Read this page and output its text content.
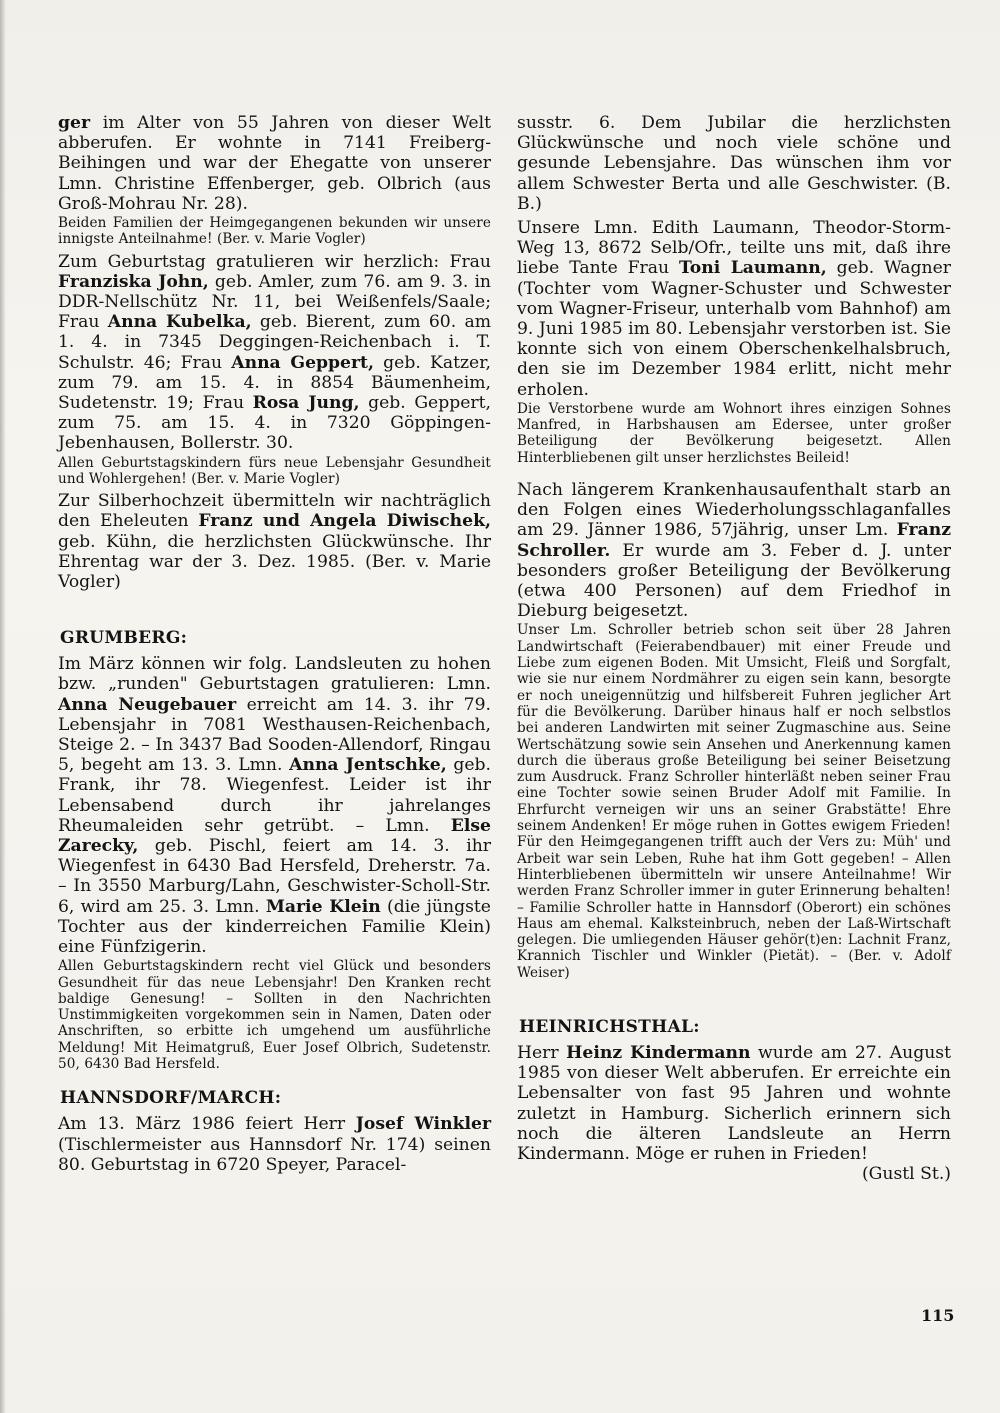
ger im Alter von 55 Jahren von dieser Welt abberufen. Er wohnte in 7141 Freiberg-Beihingen und war der Ehegatte von unserer Lmn. Christine Effenberger, geb. Olbrich (aus Groß-Mohrau Nr. 28).

Beiden Familien der Heimgegangenen bekunden wir unsere innigste Anteilnahme! (Ber. v. Marie Vogler)

Zum Geburtstag gratulieren wir herzlich: Frau Franziska John, geb. Amler, zum 76. am 9. 3. in DDR-Nellschütz Nr. 11, bei Weißenfels/Saale; Frau Anna Kubelka, geb. Bierent, zum 60. am 1. 4. in 7345 Deggingen-Reichenbach i. T. Schulstr. 46; Frau Anna Geppert, geb. Katzer, zum 79. am 15. 4. in 8854 Bäumenheim, Sudetenstr. 19; Frau Rosa Jung, geb. Geppert, zum 75. am 15. 4. in 7320 Göppingen-Jebenhausen, Bollerstr. 30.

Allen Geburtstagskindern fürs neue Lebensjahr Gesundheit und Wohlergehen! (Ber. v. Marie Vogler)

Zur Silberhochzeit übermitteln wir nachträglich den Eheleuten Franz und Angela Diwischek, geb. Kühn, die herzlichsten Glückwünsche. Ihr Ehrentag war der 3. Dez. 1985. (Ber. v. Marie Vogler)

GRUMBERG:

Im März können wir folg. Landsleuten zu hohen bzw. „runden" Geburtstagen gratulieren: Lmn. Anna Neugebauer erreicht am 14. 3. ihr 79. Lebensjahr in 7081 Westhausen-Reichenbach, Steige 2. – In 3437 Bad Sooden-Allendorf, Ringau 5, begeht am 13. 3. Lmn. Anna Jentschke, geb. Frank, ihr 78. Wiegenfest. Leider ist ihr Lebensabend durch ihr jahrelanges Rheumaleiden sehr getrübt. – Lmn. Else Zarecky, geb. Pischl, feiert am 14. 3. ihr Wiegenfest in 6430 Bad Hersfeld, Dreherstr. 7a. – In 3550 Marburg/Lahn, Geschwister-Scholl-Str. 6, wird am 25. 3. Lmn. Marie Klein (die jüngste Tochter aus der kinderreichen Familie Klein) eine Fünfzigerin.

Allen Geburtstagskindern recht viel Glück und besonders Gesundheit für das neue Lebensjahr! Den Kranken recht baldige Genesung! – Sollten in den Nachrichten Unstimmigkeiten vorgekommen sein in Namen, Daten oder Anschriften, so erbitte ich umgehend um ausführliche Meldung! Mit Heimatgruß, Euer Josef Olbrich, Sudetenstr. 50, 6430 Bad Hersfeld.

HANNSDORF/MARCH:

Am 13. März 1986 feiert Herr Josef Winkler (Tischlermeister aus Hannsdorf Nr. 174) seinen 80. Geburtstag in 6720 Speyer, Paracel-

susstr. 6. Dem Jubilar die herzlichsten Glückwünsche und noch viele schöne und gesunde Lebensjahre. Das wünschen ihm vor allem Schwester Berta und alle Geschwister. (B. B.)

Unsere Lmn. Edith Laumann, Theodor-Storm-Weg 13, 8672 Selb/Ofr., teilte uns mit, daß ihre liebe Tante Frau Toni Laumann, geb. Wagner (Tochter vom Wagner-Schuster und Schwester vom Wagner-Friseur, unterhalb vom Bahnhof) am 9. Juni 1985 im 80. Lebensjahr verstorben ist. Sie konnte sich von einem Oberschenkelhalsbruch, den sie im Dezember 1984 erlitt, nicht mehr erholen.

Die Verstorbene wurde am Wohnort ihres einzigen Sohnes Manfred, in Harbshausen am Edersee, unter großer Beteiligung der Bevölkerung beigesetzt. Allen Hinterbliebenen gilt unser herzlichstes Beileid!

Nach längerem Krankenhausaufenthalt starb an den Folgen eines Wiederholungsschlaganfalles am 29. Jänner 1986, 57jährig, unser Lm. Franz Schroller. Er wurde am 3. Feber d. J. unter besonders großer Beteiligung der Bevölkerung (etwa 400 Personen) auf dem Friedhof in Dieburg beigesetzt.

Unser Lm. Schroller betrieb schon seit über 28 Jahren Landwirtschaft (Feierabendbauer) mit einer Freude und Liebe zum eigenen Boden. Mit Umsicht, Fleiß und Sorgfalt, wie sie nur einem Nordmährer zu eigen sein kann, besorgte er noch uneigennützig und hilfsbereit Fuhren jeglicher Art für die Bevölkerung. Darüber hinaus half er noch selbstlos bei anderen Landwirten mit seiner Zugmaschine aus. Seine Wertschätzung sowie sein Ansehen und Anerkennung kamen durch die überaus große Beteiligung bei seiner Beisetzung zum Ausdruck. Franz Schroller hinterläßt neben seiner Frau eine Tochter sowie seinen Bruder Adolf mit Familie. In Ehrfurcht verneigen wir uns an seiner Grabstätte! Ehre seinem Andenken! Er möge ruhen in Gottes ewigem Frieden! Für den Heimgegangenen trifft auch der Vers zu: Müh' und Arbeit war sein Leben, Ruhe hat ihm Gott gegeben! – Allen Hinterbliebenen übermitteln wir unsere Anteilnahme! Wir werden Franz Schroller immer in guter Erinnerung behalten! – Familie Schroller hatte in Hannsdorf (Oberort) ein schönes Haus am ehemal. Kalksteinbruch, neben der Laß-Wirtschaft gelegen. Die umliegenden Häuser gehör(t)en: Lachnit Franz, Krannich Tischler und Winkler (Pietät). – (Ber. v. Adolf Weiser)

HEINRICHSTHAL:

Herr Heinz Kindermann wurde am 27. August 1985 von dieser Welt abberufen. Er erreichte ein Lebensalter von fast 95 Jahren und wohnte zuletzt in Hamburg. Sicherlich erinnern sich noch die älteren Landsleute an Herrn Kindermann. Möge er ruhen in Frieden!
(Gustl St.)

115
